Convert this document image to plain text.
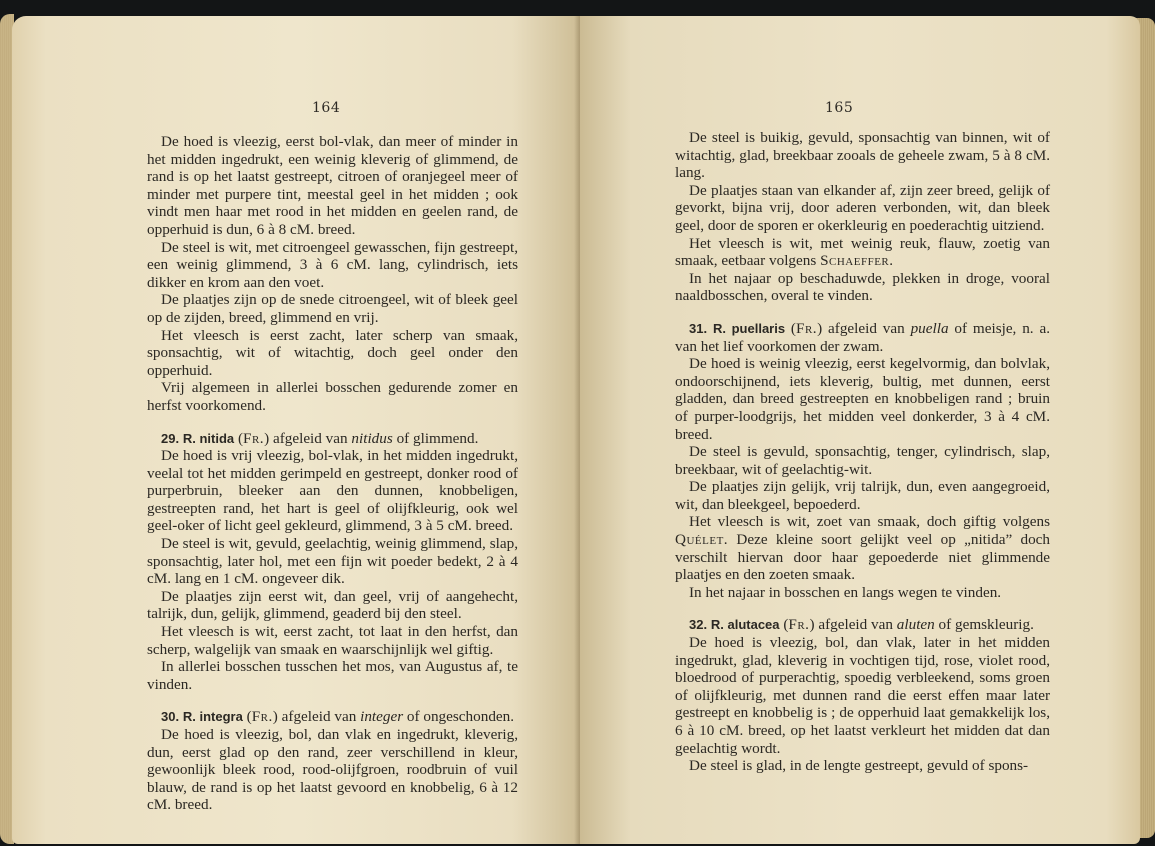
164

De hoed is vleezig, eerst bol-vlak, dan meer of minder in het midden ingedrukt, een weinig kleverig of glimmend, de rand is op het laatst gestreept, citroen of oranjegeel meer of minder met purpere tint, meestal geel in het midden ; ook vindt men haar met rood in het midden en geelen rand, de opperhuid is dun, 6 à 8 cM. breed.

De steel is wit, met citroengeel gewasschen, fijn gestreept, een weinig glimmend, 3 à 6 cM. lang, cylindrisch, iets dikker en krom aan den voet.

De plaatjes zijn op de snede citroengeel, wit of bleek geel op de zijden, breed, glimmend en vrij.

Het vleesch is eerst zacht, later scherp van smaak, sponsachtig, wit of witachtig, doch geel onder den opperhuid.

Vrij algemeen in allerlei bosschen gedurende zomer en herfst voorkomend.

29. R. nitida (Fr.) afgeleid van nitidus of glimmend.

De hoed is vrij vleezig, bol-vlak, in het midden ingedrukt, veelal tot het midden gerimpeld en gestreept, donker rood of purperbruin, bleeker aan den dunnen, knobbeligen, gestreepten rand, het hart is geel of olijfkleurig, ook wel geel-oker of licht geel gekleurd, glimmend, 3 à 5 cM. breed.

De steel is wit, gevuld, geelachtig, weinig glimmend, slap, sponsachtig, later hol, met een fijn wit poeder bedekt, 2 à 4 cM. lang en 1 cM. ongeveer dik.

De plaatjes zijn eerst wit, dan geel, vrij of aangehecht, talrijk, dun, gelijk, glimmend, geaderd bij den steel.

Het vleesch is wit, eerst zacht, tot laat in den herfst, dan scherp, walgelijk van smaak en waarschijnlijk wel giftig.

In allerlei bosschen tusschen het mos, van Augustus af, te vinden.

30. R. integra (Fr.) afgeleid van integer of ongeschonden.

De hoed is vleezig, bol, dan vlak en ingedrukt, kleverig, dun, eerst glad op den rand, zeer verschillend in kleur, gewoonlijk bleek rood, rood-olijfgroen, roodbruin of vuil blauw, de rand is op het laatst gevoord en knobbelig, 6 à 12 cM. breed.

165

De steel is buikig, gevuld, sponsachtig van binnen, wit of witachtig, glad, breekbaar zooals de geheele zwam, 5 à 8 cM. lang.

De plaatjes staan van elkander af, zijn zeer breed, gelijk of gevorkt, bijna vrij, door aderen verbonden, wit, dan bleek geel, door de sporen er okerkleurig en poederachtig uitziend.

Het vleesch is wit, met weinig reuk, flauw, zoetig van smaak, eetbaar volgens Schaeffer.

In het najaar op beschaduwde, plekken in droge, vooral naaldbosschen, overal te vinden.

31. R. puellaris (Fr.) afgeleid van puella of meisje, n. a. van het lief voorkomen der zwam.

De hoed is weinig vleezig, eerst kegelvormig, dan bolvlak, ondoorschijnend, iets kleverig, bultig, met dunnen, eerst gladden, dan breed gestreepten en knobbeligen rand ; bruin of purper-loodgrijs, het midden veel donkerder, 3 à 4 cM. breed.

De steel is gevuld, sponsachtig, tenger, cylindrisch, slap, breekbaar, wit of geelachtig-wit.

De plaatjes zijn gelijk, vrij talrijk, dun, even aangegroeid, wit, dan bleekgeel, bepoederd.

Het vleesch is wit, zoet van smaak, doch giftig volgens Quélet. Deze kleine soort gelijkt veel op „nitida” doch verschilt hiervan door haar gepoederde niet glimmende plaatjes en den zoeten smaak.

In het najaar in bosschen en langs wegen te vinden.

32. R. alutacea (Fr.) afgeleid van aluten of gemskleurig.

De hoed is vleezig, bol, dan vlak, later in het midden ingedrukt, glad, kleverig in vochtigen tijd, rose, violet rood, bloedrood of purperachtig, spoedig verbleekend, soms groen of olijfkleurig, met dunnen rand die eerst effen maar later gestreept en knobbelig is ; de opperhuid laat gemakkelijk los, 6 à 10 cM. breed, op het laatst verkleurt het midden dat dan geelachtig wordt.

De steel is glad, in de lengte gestreept, gevuld of spons-
